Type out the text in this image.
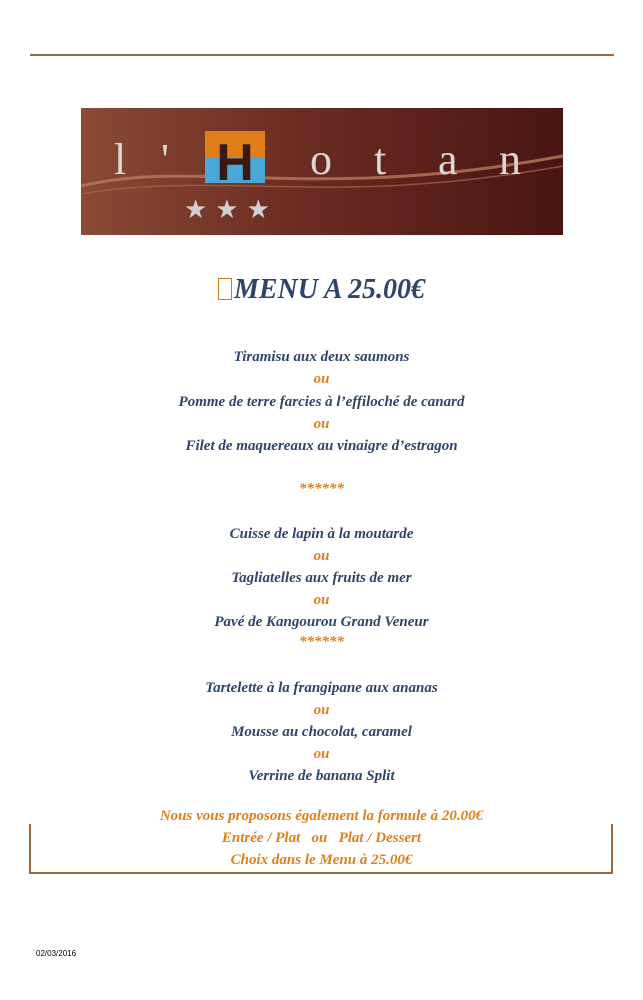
l ' H o t a n
★★★
MENU A 25.00€
Tiramisu aux deux saumons
ou
Pomme de terre farcies à l’effiloché de canard
ou
Filet de maquereaux au vinaigre d’estragon
******
Cuisse de lapin à la moutarde
ou
Tagliatelles aux fruits de mer
ou
Pavé de Kangourou Grand Veneur
******
Tartelette à la frangipane aux ananas
ou
Mousse au chocolat, caramel
ou
Verrine de banana Split
Nous vous proposons également la formule à 20.00€
Entrée / Plat   ou   Plat / Dessert
Choix dans le Menu à 25.00€
02/03/2016
